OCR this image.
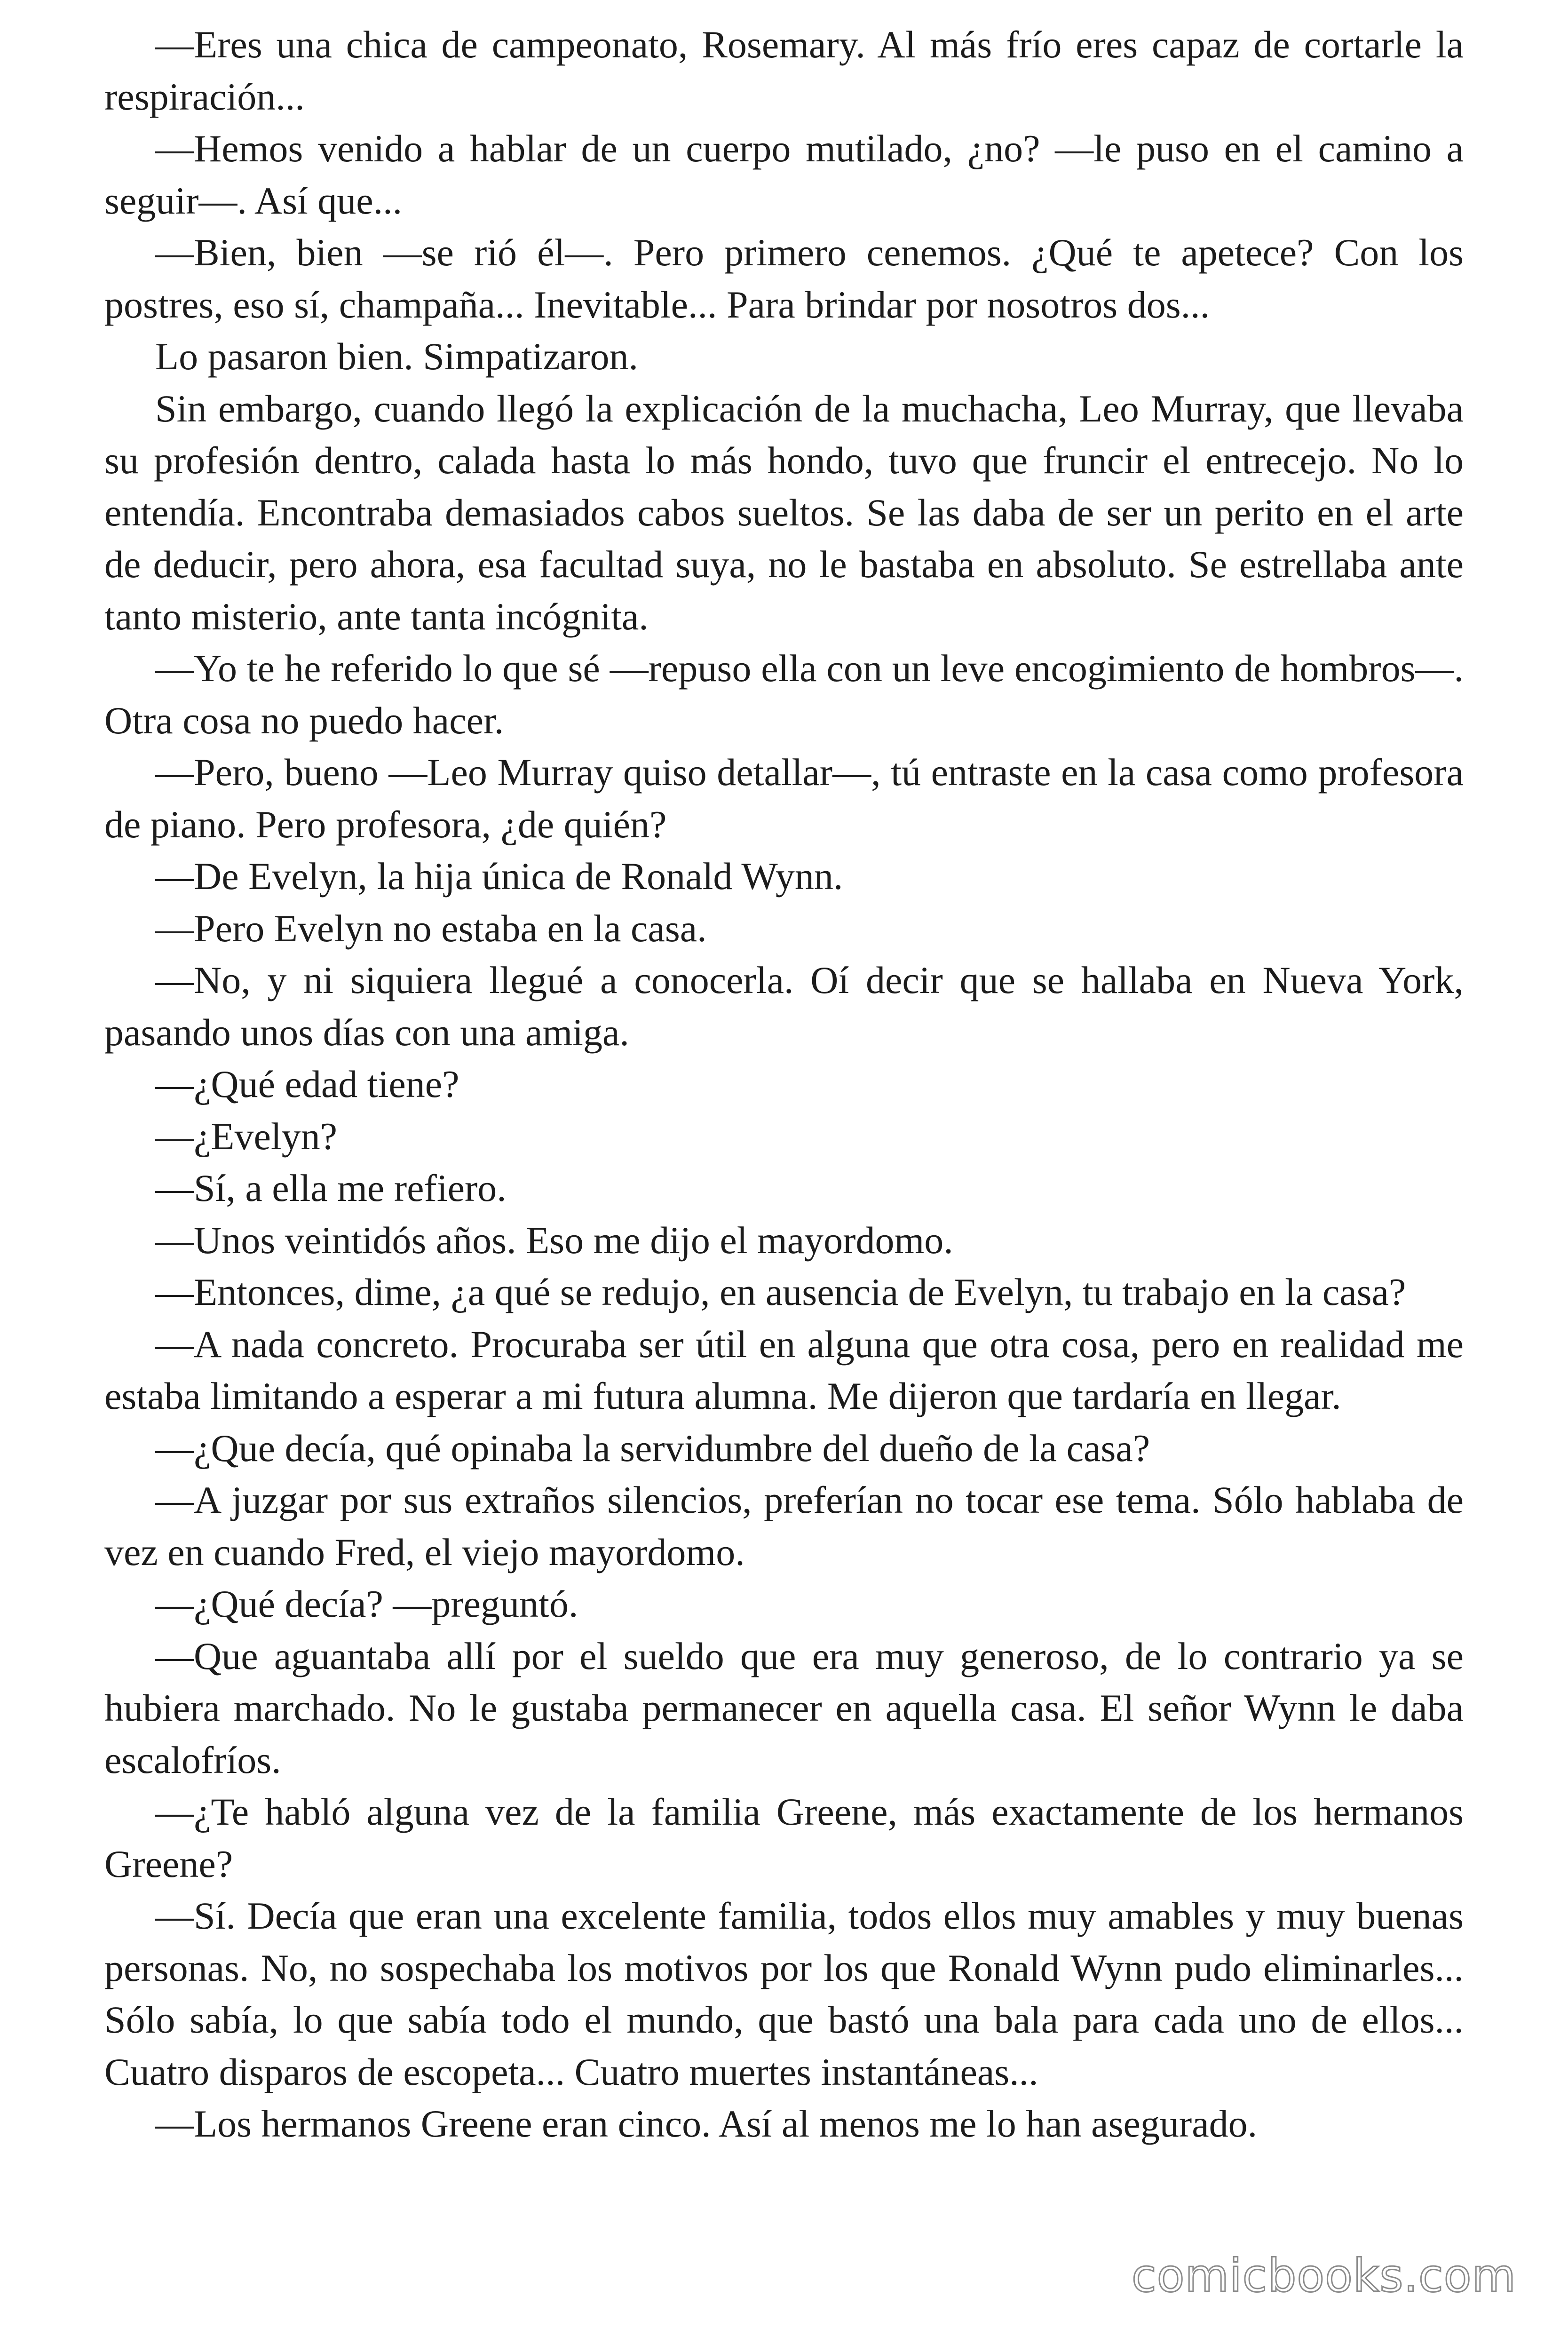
—Eres una chica de campeonato, Rosemary. Al más frío eres capaz de cortarle la respiración...

—Hemos venido a hablar de un cuerpo mutilado, ¿no? —le puso en el camino a seguir—. Así que...

—Bien, bien —se rió él—. Pero primero cenemos. ¿Qué te apetece? Con los postres, eso sí, champaña... Inevitable... Para brindar por nosotros dos...

Lo pasaron bien. Simpatizaron.

Sin embargo, cuando llegó la explicación de la muchacha, Leo Murray, que llevaba su profesión dentro, calada hasta lo más hondo, tuvo que fruncir el entrecejo. No lo entendía. Encontraba demasiados cabos sueltos. Se las daba de ser un perito en el arte de deducir, pero ahora, esa facultad suya, no le bastaba en absoluto. Se estrellaba ante tanto misterio, ante tanta incógnita.

—Yo te he referido lo que sé —repuso ella con un leve encogimiento de hombros—. Otra cosa no puedo hacer.

—Pero, bueno —Leo Murray quiso detallar—, tú entraste en la casa como profesora de piano. Pero profesora, ¿de quién?

—De Evelyn, la hija única de Ronald Wynn.

—Pero Evelyn no estaba en la casa.

—No, y ni siquiera llegué a conocerla. Oí decir que se hallaba en Nueva York, pasando unos días con una amiga.

—¿Qué edad tiene?

—¿Evelyn?

—Sí, a ella me refiero.

—Unos veintidós años. Eso me dijo el mayordomo.

—Entonces, dime, ¿a qué se redujo, en ausencia de Evelyn, tu trabajo en la casa?

—A nada concreto. Procuraba ser útil en alguna que otra cosa, pero en realidad me estaba limitando a esperar a mi futura alumna. Me dijeron que tardaría en llegar.

—¿Que decía, qué opinaba la servidumbre del dueño de la casa?

—A juzgar por sus extraños silencios, preferían no tocar ese tema. Sólo hablaba de vez en cuando Fred, el viejo mayordomo.

—¿Qué decía? —preguntó.

—Que aguantaba allí por el sueldo que era muy generoso, de lo contrario ya se hubiera marchado. No le gustaba permanecer en aquella casa. El señor Wynn le daba escalofríos.

—¿Te habló alguna vez de la familia Greene, más exactamente de los hermanos Greene?

—Sí. Decía que eran una excelente familia, todos ellos muy amables y muy buenas personas. No, no sospechaba los motivos por los que Ronald Wynn pudo eliminarles... Sólo sabía, lo que sabía todo el mundo, que bastó una bala para cada uno de ellos... Cuatro disparos de escopeta... Cuatro muertes instantáneas...

—Los hermanos Greene eran cinco. Así al menos me lo han asegurado.

comicbooks.com
